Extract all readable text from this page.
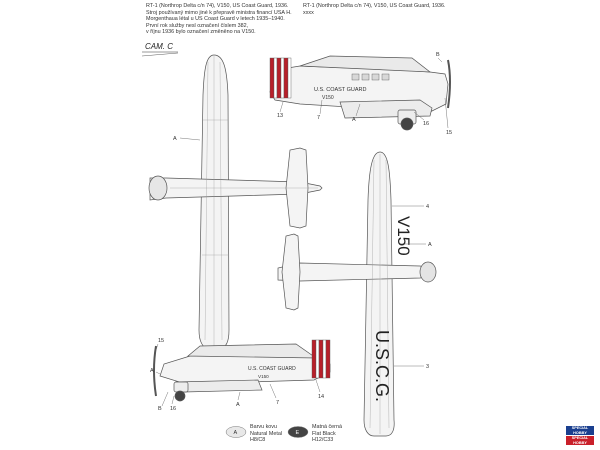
RT-1 (Northrop Delta c/n 74), V150, US Coast Guard, 1936.
Stroj používaný mimo jiné k přepravě ministra financí USA H.
Morgenthaua létal u US Coast Guard v letech 1935–1940.
První rok služby nesl označení číslem 382,
v říjnu 1936 bylo označení změněno na V150.
RT-1 (Northrop Delta c/n 74), V150, US Coast Guard, 1936.
xxxx
CAM. C
U.S. COAST GUARD
V150
V150
U.S.C.G.
U.S. COAST GUARD
V150
13	7	A
16
B
15
A
4
A
3
15
A
16
B
A	7
14
A	E
Barvu kovu
Natural Metal
H8/C8
Matná černá
Flat Black
H12/C33
SPECIAL HOBBY
SPECIAL HOBBY
